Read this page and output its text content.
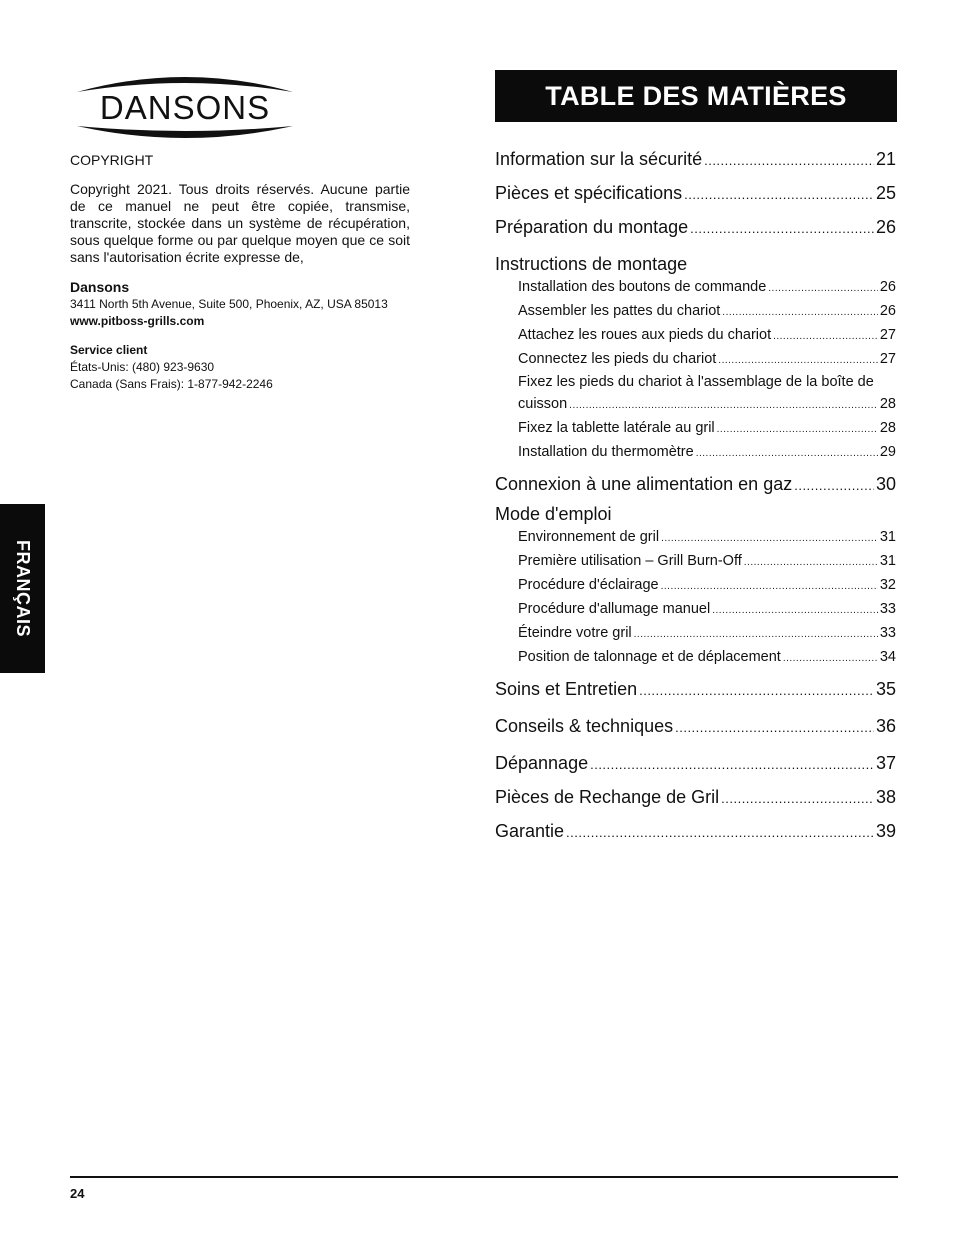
DANSONS
FRANÇAIS

COPYRIGHT

Copyright 2021. Tous droits réservés. Aucune partie de ce manuel ne peut être copiée, transmise, transcrite, stockée dans un système de récupération, sous quelque forme ou par quelque moyen que ce soit sans l'autorisation écrite expresse de,

Dansons

3411 North 5th Avenue, Suite 500, Phoenix, AZ, USA 85013

www.pitboss-grills.com

Service client

États-Unis: (480) 923-9630

Canada (Sans Frais): 1-877-942-2246

TABLE DES MATIÈRES
Information sur la sécurité .....	21
Pièces et spécifications .....	25
Préparation du montage .....	26

Instructions de montage

Installation des boutons de commande .....	26
Assembler les pattes du chariot .....	26
Attachez les roues aux pieds du chariot .....	27
Connectez les pieds du chariot .....	27

Fixez les pieds du chariot à l'assemblage de la boîte de

cuisson .....	28
Fixez la tablette latérale au gril .....	28
Installation du thermomètre .....	29
Connexion à une alimentation en gaz .....	30

Mode d'emploi

Environnement de gril .....	31
Première utilisation – Grill Burn-Off .....	31
Procédure d'éclairage .....	32
Procédure d'allumage manuel .....	33
Éteindre votre gril .....	33
Position de talonnage et de déplacement .....	34
Soins et Entretien .....	35
Conseils & techniques .....	36
Dépannage .....	37
Pièces de Rechange de Gril .....	38
Garantie .....	39
24
